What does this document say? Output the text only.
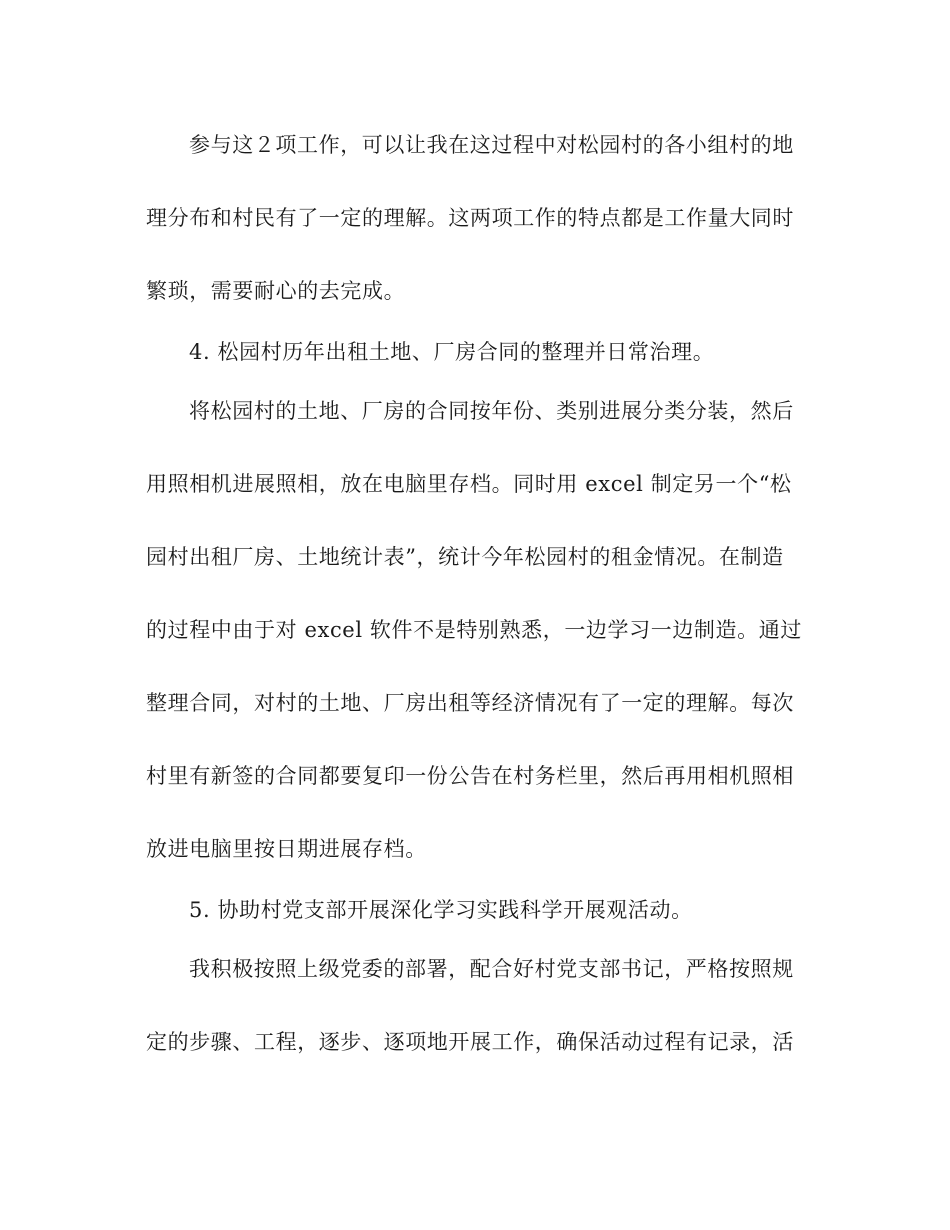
参与这２项工作，可以让我在这过程中对松园村的各小组村的地
理分布和村民有了一定的理解。这两项工作的特点都是工作量大同时
繁琐，需要耐心的去完成。
4. 松园村历年出租土地、厂房合同的整理并日常治理。
将松园村的土地、厂房的合同按年份、类别进展分类分装，然后
用照相机进展照相，放在电脑里存档。同时用 excel 制定另一个“松
园村出租厂房、土地统计表”，统计今年松园村的租金情况。在制造
的过程中由于对 excel 软件不是特别熟悉，一边学习一边制造。通过
整理合同，对村的土地、厂房出租等经济情况有了一定的理解。每次
村里有新签的合同都要复印一份公告在村务栏里，然后再用相机照相
放进电脑里按日期进展存档。
5. 协助村党支部开展深化学习实践科学开展观活动。
我积极按照上级党委的部署，配合好村党支部书记，严格按照规
定的步骤、工程，逐步、逐项地开展工作，确保活动过程有记录，活
